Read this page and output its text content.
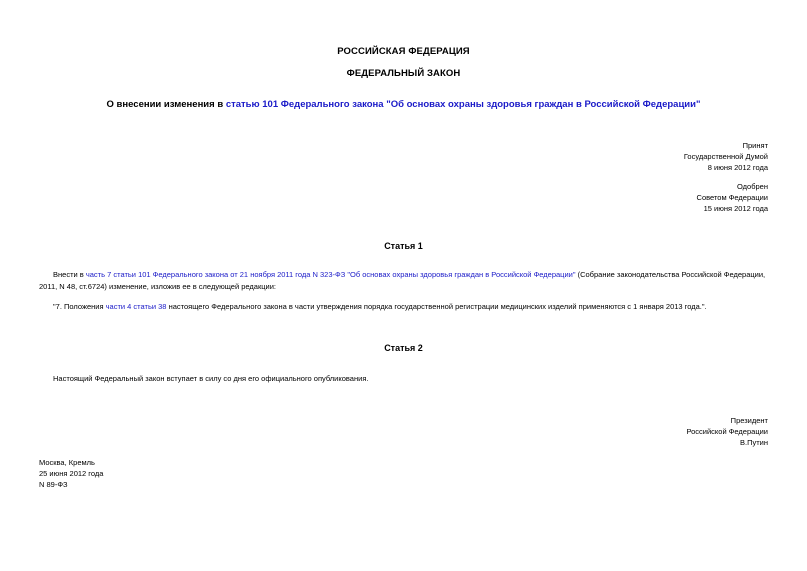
РОССИЙСКАЯ ФЕДЕРАЦИЯ
ФЕДЕРАЛЬНЫЙ ЗАКОН
О внесении изменения в статью 101 Федерального закона "Об основах охраны здоровья граждан в Российской Федерации"
Принят
Государственной Думой
8 июня 2012 года
Одобрен
Советом Федерации
15 июня 2012 года
Статья 1
Внести в часть 7 статьи 101 Федерального закона от 21 ноября 2011 года N 323-ФЗ "Об основах охраны здоровья граждан в Российской Федерации" (Собрание законодательства Российской Федерации, 2011, N 48, ст.6724) изменение, изложив ее в следующей редакции:
"7. Положения части 4 статьи 38 настоящего Федерального закона в части утверждения порядка государственной регистрации медицинских изделий применяются с 1 января 2013 года.".
Статья 2
Настоящий Федеральный закон вступает в силу со дня его официального опубликования.
Президент
Российской Федерации
В.Путин
Москва, Кремль
25 июня 2012 года
N 89-ФЗ
